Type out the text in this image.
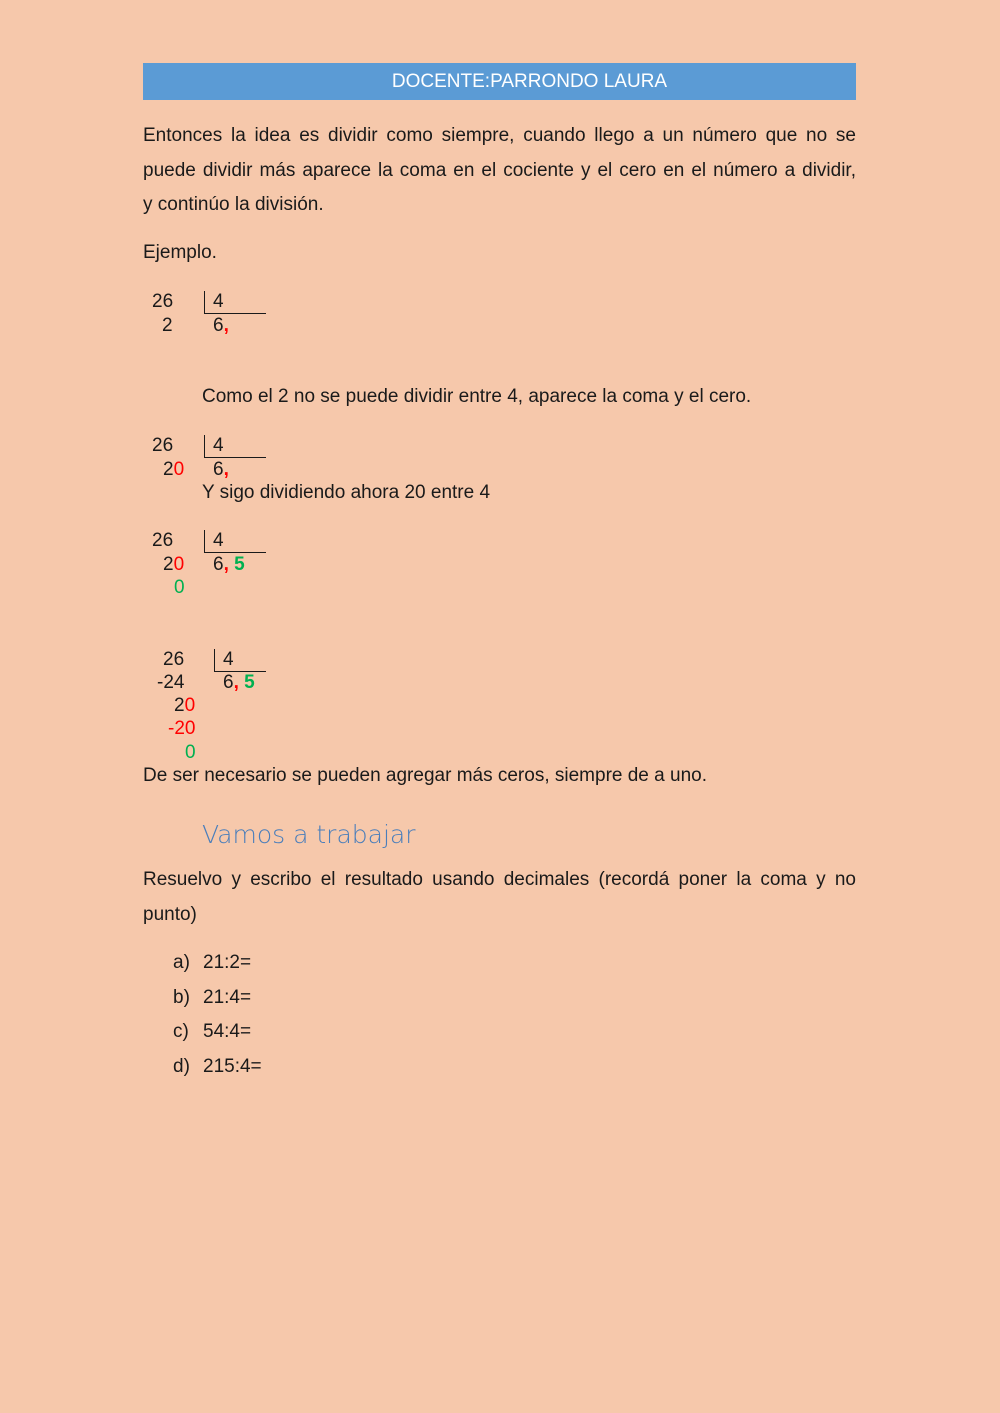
DOCENTE:PARRONDO LAURA
Entonces la idea es dividir como siempre, cuando llego a un número que no se
puede dividir más aparece la coma en el cociente y el cero en el número a dividir,
y continúo la división.
Ejemplo.
26
2
4
6,
Como el 2 no se puede dividir entre 4, aparece la coma y el cero.
26
20
4
6,
Y sigo dividiendo ahora 20 entre 4
26
20
0
4
6, 5
26
-24
20
-20
0
4
6, 5
De ser necesario se pueden agregar más ceros, siempre de a uno.
Vamos a trabajar
Resuelvo y escribo el resultado usando decimales (recordá poner la coma y no
punto)
a) 21:2=
b) 21:4=
c) 54:4=
d) 215:4=
